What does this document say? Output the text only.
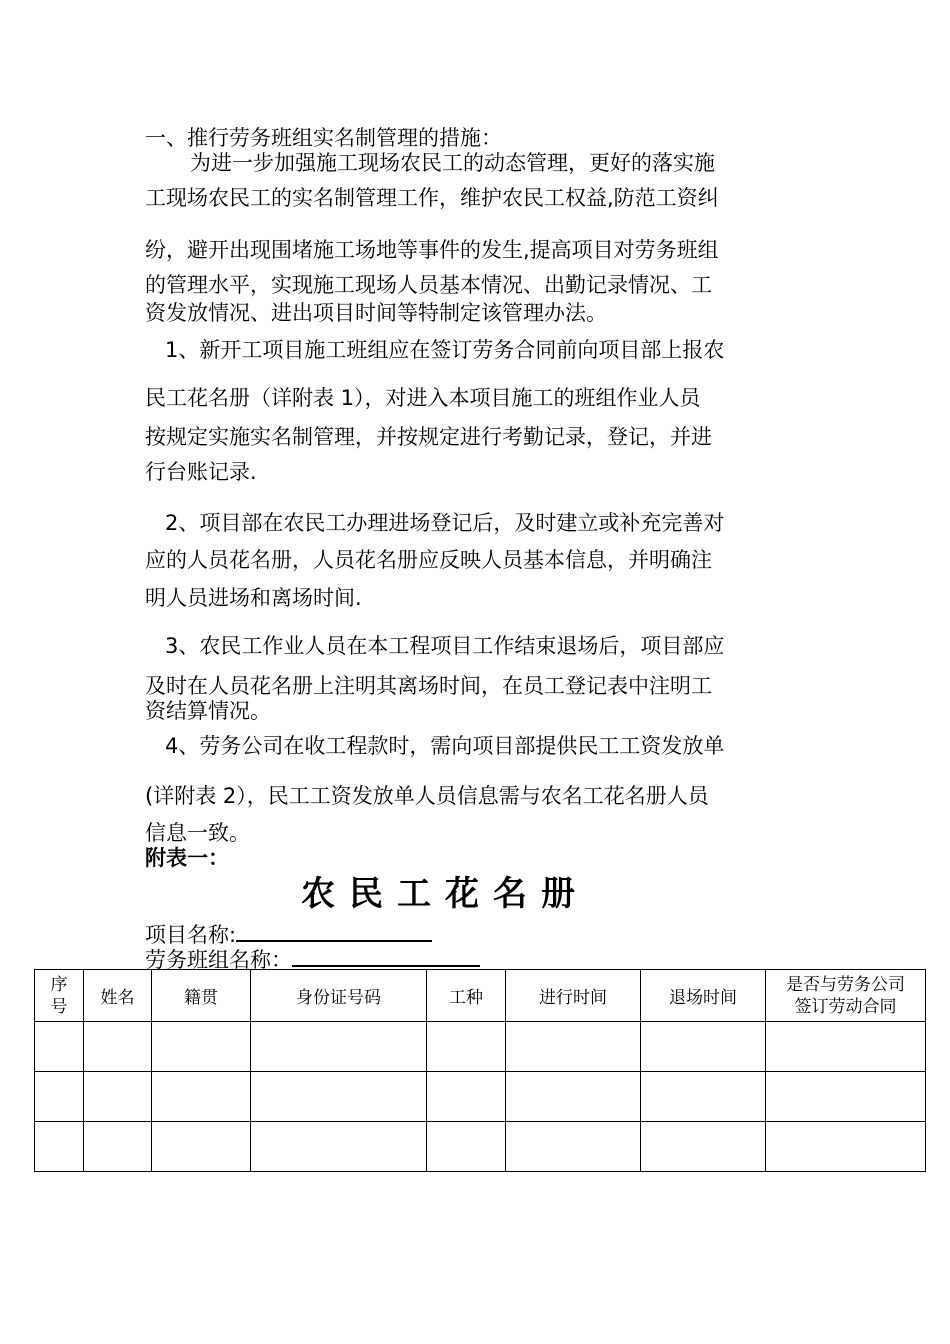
一、推行劳务班组实名制管理的措施：
为进一步加强施工现场农民工的动态管理，更好的落实施
工现场农民工的实名制管理工作，维护农民工权益,防范工资纠
纷，避开出现围堵施工场地等事件的发生,提高项目对劳务班组
的管理水平，实现施工现场人员基本情况、出勤记录情况、工
资发放情况、进出项目时间等特制定该管理办法。
1、新开工项目施工班组应在签订劳务合同前向项目部上报农
民工花名册（详附表 1），对进入本项目施工的班组作业人员
按规定实施实名制管理，并按规定进行考勤记录，登记，并进
行台账记录.
2、项目部在农民工办理进场登记后，及时建立或补充完善对
应的人员花名册，人员花名册应反映人员基本信息，并明确注
明人员进场和离场时间.
3、农民工作业人员在本工程项目工作结束退场后，项目部应
及时在人员花名册上注明其离场时间，在员工登记表中注明工
资结算情况。
4、劳务公司在收工程款时，需向项目部提供民工工资发放单
(详附表 2），民工工资发放单人员信息需与农名工花名册人员
信息一致。
附表一：
农民工花名册
项目名称:
劳务班组名称：
序
号	姓名	籍贯	身份证号码	工种	进行时间	退场时间	是否与劳务公司
签订劳动合同
